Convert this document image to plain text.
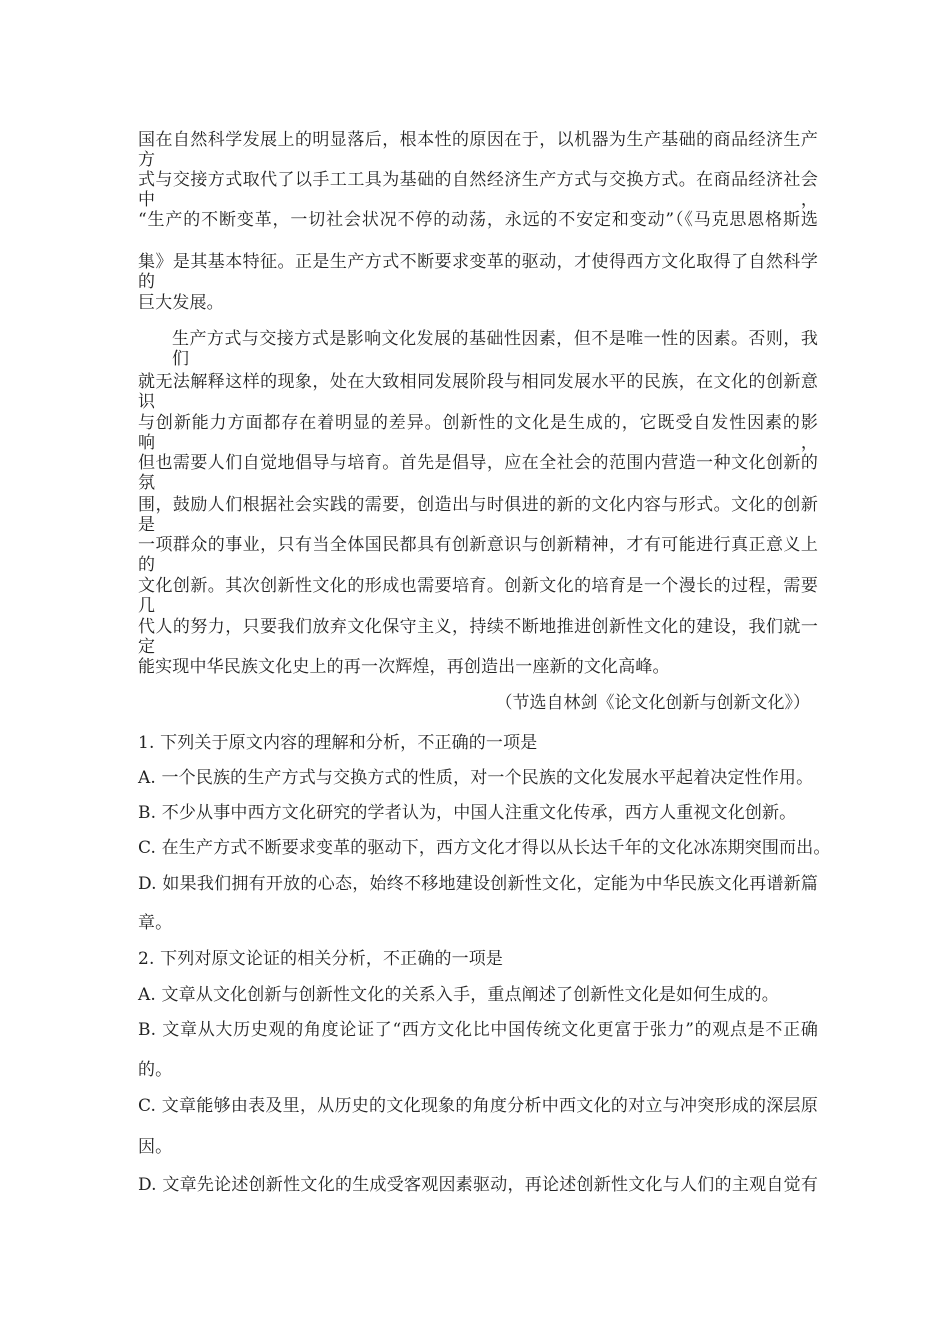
国在自然科学发展上的明显落后，根本性的原因在于，以机器为生产基础的商品经济生产方
式与交接方式取代了以手工工具为基础的自然经济生产方式与交换方式。在商品经济社会中，
“生产的不断变革，一切社会状况不停的动荡，永远的不安定和变动”（《马克思恩格斯选
集》是其基本特征。正是生产方式不断要求变革的驱动，才使得西方文化取得了自然科学的
巨大发展。
生产方式与交接方式是影响文化发展的基础性因素，但不是唯一性的因素。否则，我们
就无法解释这样的现象，处在大致相同发展阶段与相同发展水平的民族，在文化的创新意识
与创新能力方面都存在着明显的差异。创新性的文化是生成的，它既受自发性因素的影响，
但也需要人们自觉地倡导与培育。首先是倡导，应在全社会的范围内营造一种文化创新的氛
围，鼓励人们根据社会实践的需要，创造出与时俱进的新的文化内容与形式。文化的创新是
一项群众的事业，只有当全体国民都具有创新意识与创新精神，才有可能进行真正意义上的
文化创新。其次创新性文化的形成也需要培育。创新文化的培育是一个漫长的过程，需要几
代人的努力，只要我们放弃文化保守主义，持续不断地推进创新性文化的建设，我们就一定
能实现中华民族文化史上的再一次辉煌，再创造出一座新的文化高峰。
（节选自林剑《论文化创新与创新文化》）
1. 下列关于原文内容的理解和分析，不正确的一项是
A. 一个民族的生产方式与交换方式的性质，对一个民族的文化发展水平起着决定性作用。
B. 不少从事中西方文化研究的学者认为，中国人注重文化传承，西方人重视文化创新。
C. 在生产方式不断要求变革的驱动下，西方文化才得以从长达千年的文化冰冻期突围而出。
D. 如果我们拥有开放的心态，始终不移地建设创新性文化，定能为中华民族文化再谱新篇
章。
2. 下列对原文论证的相关分析，不正确的一项是
A. 文章从文化创新与创新性文化的关系入手，重点阐述了创新性文化是如何生成的。
B. 文章从大历史观的角度论证了“西方文化比中国传统文化更富于张力”的观点是不正确
的。
C. 文章能够由表及里，从历史的文化现象的角度分析中西文化的对立与冲突形成的深层原
因。
D. 文章先论述创新性文化的生成受客观因素驱动，再论述创新性文化与人们的主观自觉有
